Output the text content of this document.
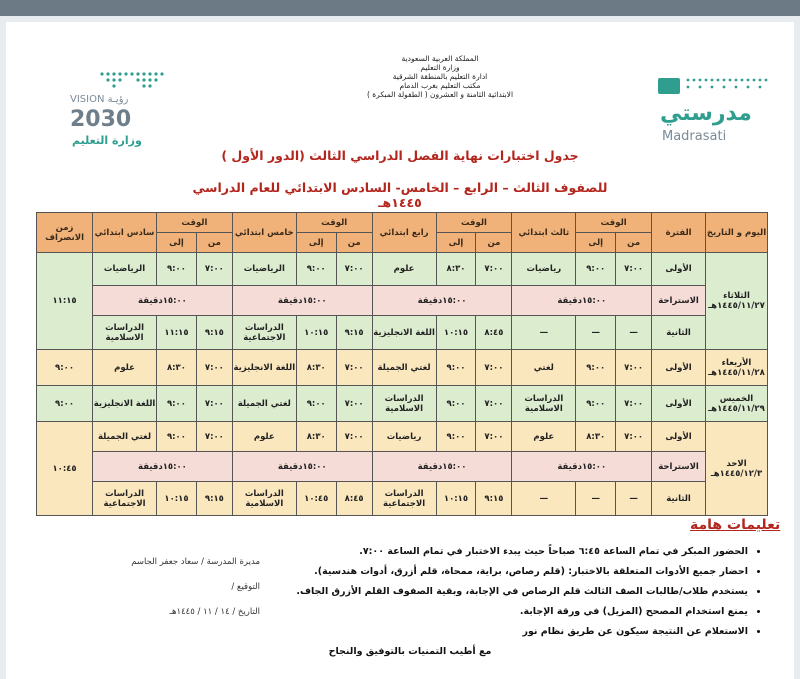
المملكة العربية السعودية
وزارة التعليم
ادارة التعليم بالمنطقة الشرقية
مكتب التعليم بغرب الدمام
الابتدائية الثامنة و العشرون ( الطفولة المبكرة )
VISION رؤيـة
2030
وزارة التعليم
مدرستي
Madrasati
جدول اختبارات نهاية الفصل الدراسي الثالث (الدور الأول )
للصفوف الثالث – الرابع – الخامس- السادس الابتدائي للعام الدراسي ١٤٤٥هـ
اليوم و التاريخ	الفترة	الوقت		ثالث ابتدائي	الوقت		رابع ابتدائي	الوقت		خامس ابتدائي	الوقت		سادس ابتدائي	زمن الانصراف
		من	إلى		من	إلى		من	إلى		من	إلى		

الثلاثاء
١٤٤٥/١١/٢٧هـ	الأولى	٧:٠٠	٩:٠٠	رياضيات	٧:٠٠	٨:٣٠	علوم	٧:٠٠	٩:٠٠	الرياضيات	٧:٠٠	٩:٠٠	الرياضيات	١١:١٥
	الاستراحة	١٥:٠٠دقيقة			١٥:٠٠دقيقة			١٥:٠٠دقيقة			١٥:٠٠دقيقة			
	الثانية	—	—	—	٨:٤٥	١٠:١٥	اللغة الانجليزية	٩:١٥	١٠:١٥	الدراسات الاجتماعية	٩:١٥	١١:١٥	الدراسات الاسلامية	

الأربعاء
١٤٤٥/١١/٢٨هـ	الأولى	٧:٠٠	٩:٠٠	لغتي	٧:٠٠	٩:٠٠	لغتي الجميلة	٧:٠٠	٨:٣٠	اللغة الانجليزية	٧:٠٠	٨:٣٠	علوم	٩:٠٠

الخميس
١٤٤٥/١١/٢٩هـ	الأولى	٧:٠٠	٩:٠٠	الدراسات الاسلامية	٧:٠٠	٩:٠٠	الدراسات الاسلامية	٧:٠٠	٩:٠٠	لغتي الجميلة	٧:٠٠	٩:٠٠	اللغة الانجليزية	٩:٠٠

الاحد
١٤٤٥/١٢/٣هـ	الأولى	٧:٠٠	٨:٣٠	علوم	٧:٠٠	٩:٠٠	رياضيات	٧:٠٠	٨:٣٠	علوم	٧:٠٠	٩:٠٠	لغتي الجميلة	١٠:٤٥
	الاستراحة	١٥:٠٠دقيقة			١٥:٠٠دقيقة			١٥:٠٠دقيقة			١٥:٠٠دقيقة			
	الثانية	—	—	—	٩:١٥	١٠:١٥	الدراسات الاجتماعية	٨:٤٥	١٠:٤٥	الدراسات الاسلامية	٩:١٥	١٠:١٥	الدراسات الاجتماعية	
تعليمات هامة
• الحضور المبكر في تمام الساعة ٦:٤٥ صباحاً حيث يبدء الاختبار في تمام الساعة ٧:٠٠.
• احضار جميع الأدوات المتعلقة بالاختبار: (قلم رصاص، براية، ممحاة، قلم أزرق، أدوات هندسية).
• يستخدم طلاب/طالبات الصف الثالث قلم الرصاص في الإجابة، وبقية الصفوف القلم الأزرق الجاف.
• يمنع استخدام المصحح (المزيل) في ورقة الإجابة.
• الاستعلام عن النتيجة سيكون عن طريق نظام نور
مع أطيب التمنيات بالتوفيق والنجاح
مديرة المدرسة / سعاد جعفر الجاسم
التوقيع /
التاريخ / ١٤ / ١١ / ١٤٤٥هـ
